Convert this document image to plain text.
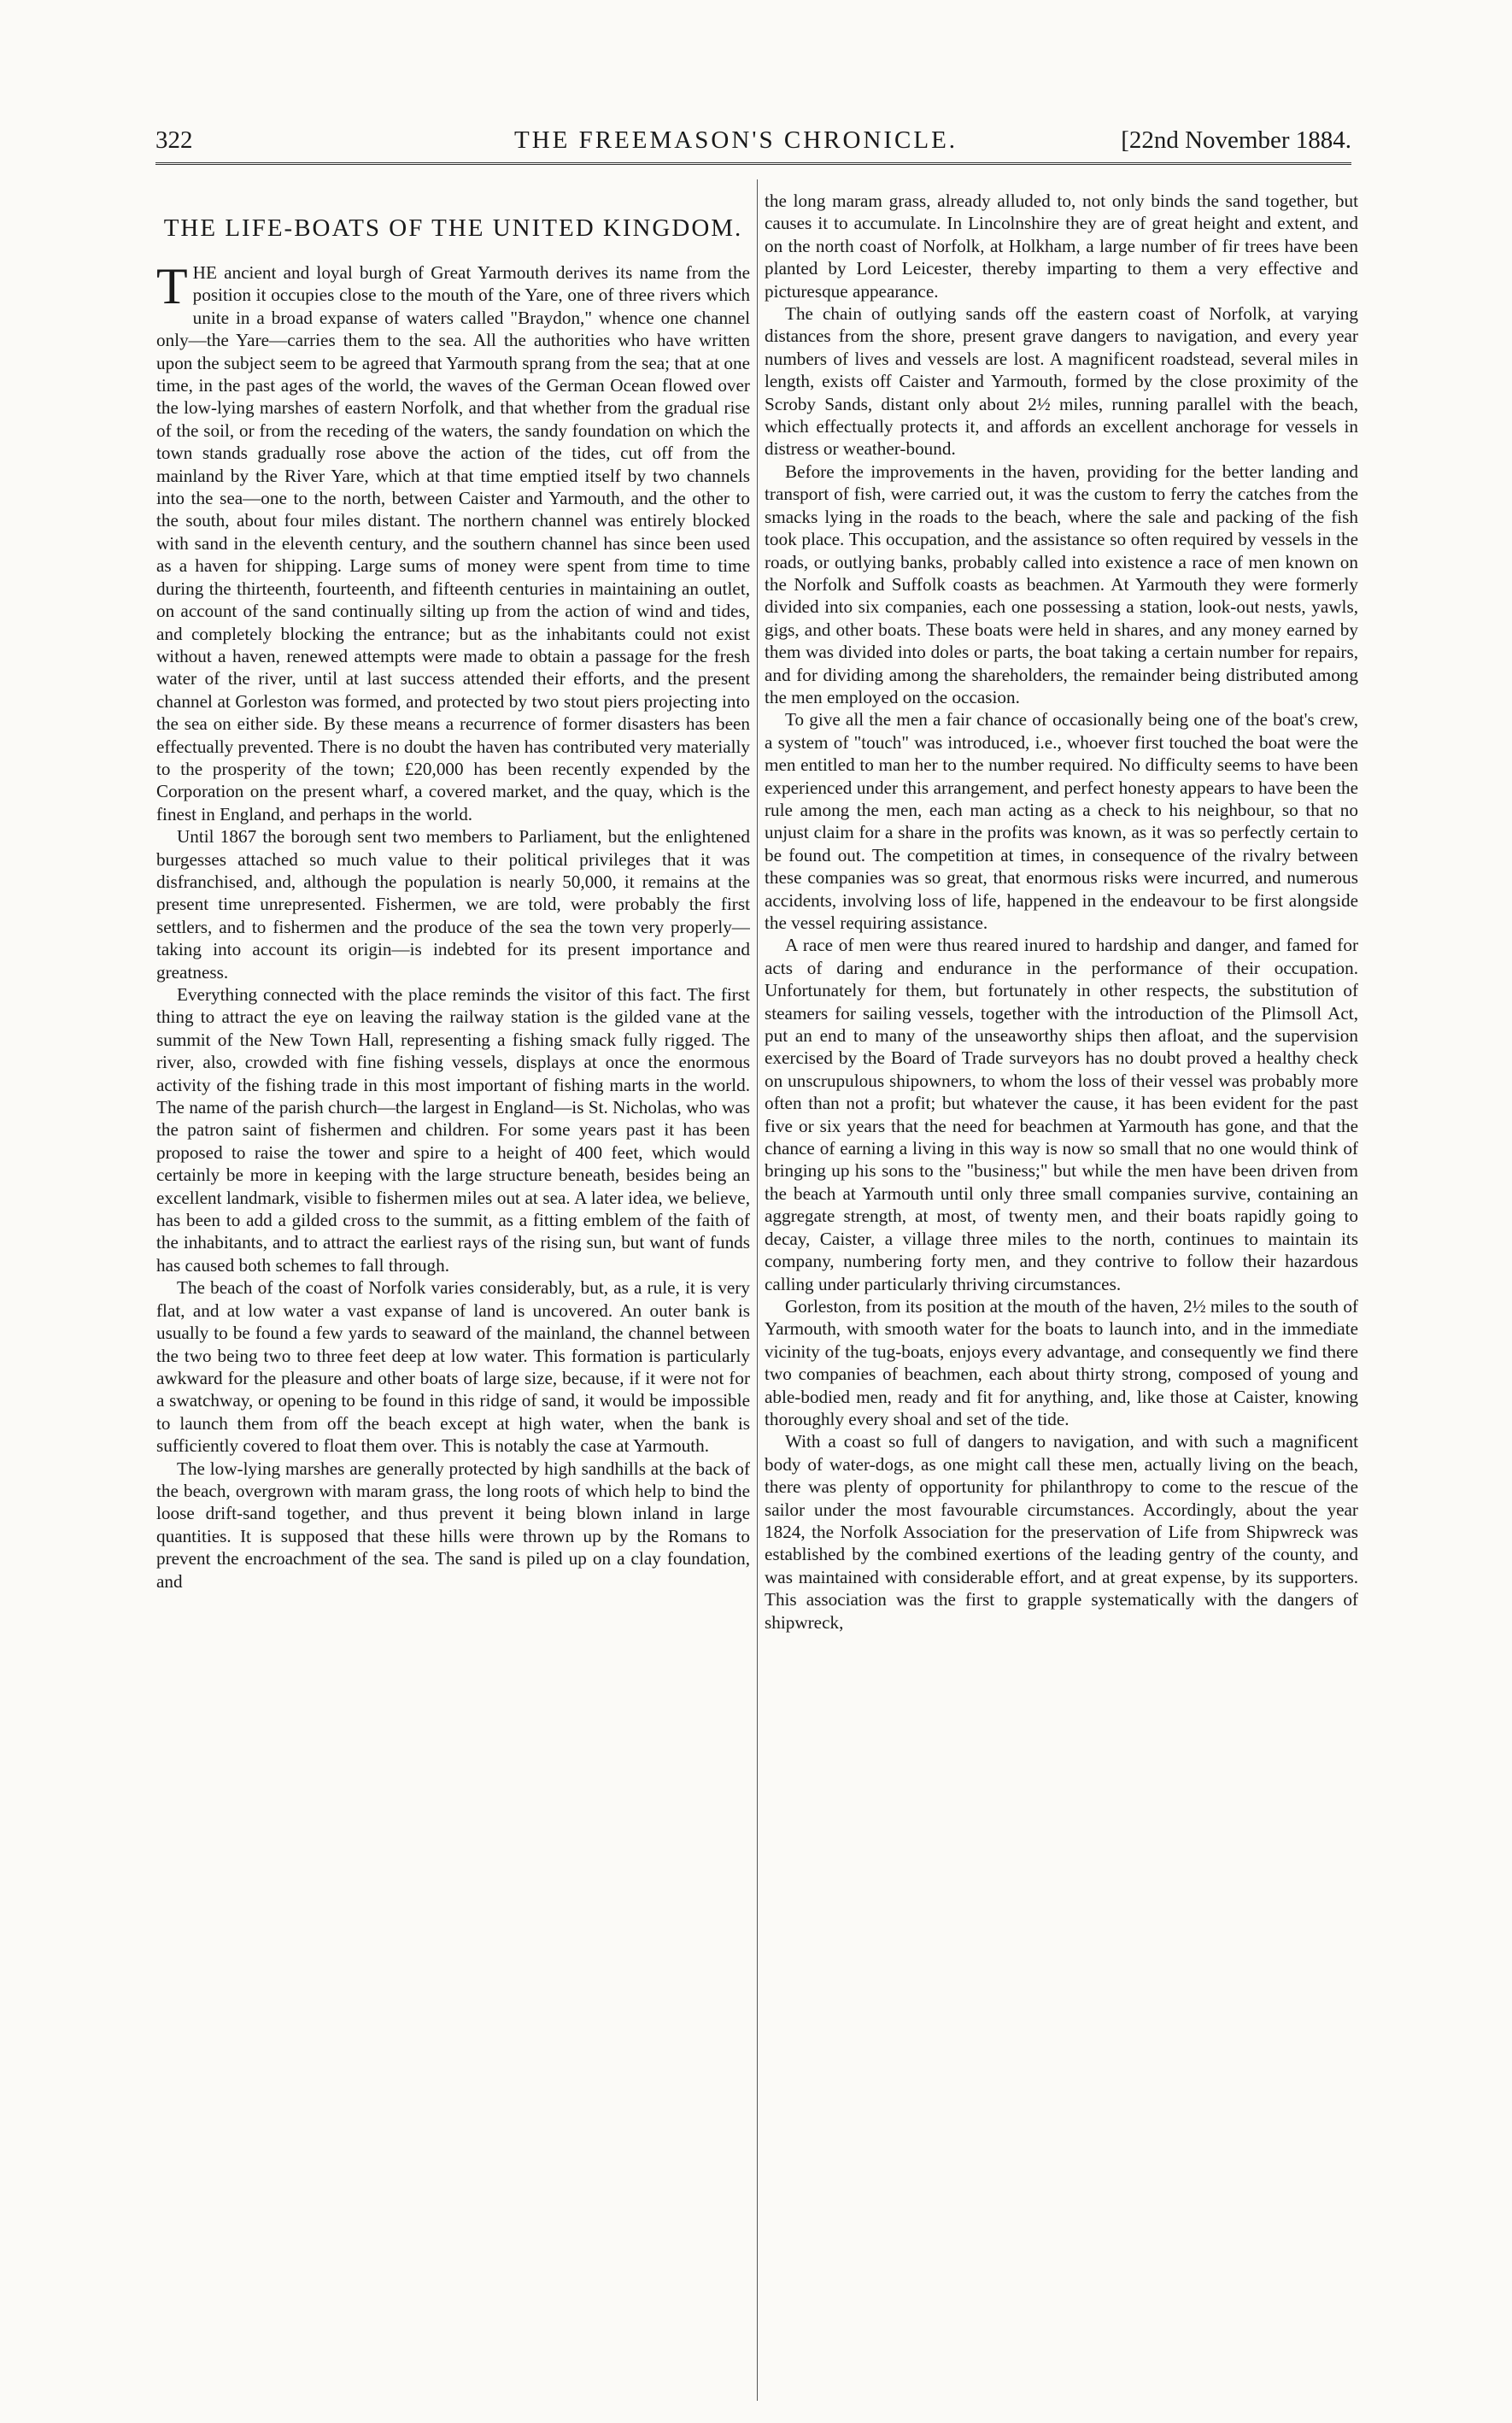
322	THE FREEMASON'S CHRONICLE.	[22nd November 1884.
THE LIFE-BOATS OF THE UNITED KINGDOM.

THE ancient and loyal burgh of Great Yarmouth derives its name from the position it occupies close to the mouth of the Yare, one of three rivers which unite in a broad expanse of waters called "Braydon," whence one channel only—the Yare—carries them to the sea. All the authorities who have written upon the subject seem to be agreed that Yarmouth sprang from the sea; that at one time, in the past ages of the world, the waves of the German Ocean flowed over the low-lying marshes of eastern Norfolk, and that whether from the gradual rise of the soil, or from the receding of the waters, the sandy foundation on which the town stands gradually rose above the action of the tides, cut off from the mainland by the River Yare, which at that time emptied itself by two channels into the sea—one to the north, between Caister and Yarmouth, and the other to the south, about four miles distant. The northern channel was entirely blocked with sand in the eleventh century, and the southern channel has since been used as a haven for shipping. Large sums of money were spent from time to time during the thirteenth, fourteenth, and fifteenth centuries in maintaining an outlet, on account of the sand continually silting up from the action of wind and tides, and completely blocking the entrance; but as the inhabitants could not exist without a haven, renewed attempts were made to obtain a passage for the fresh water of the river, until at last success attended their efforts, and the present channel at Gorleston was formed, and protected by two stout piers projecting into the sea on either side. By these means a recurrence of former disasters has been effectually prevented. There is no doubt the haven has contributed very materially to the prosperity of the town; £20,000 has been recently expended by the Corporation on the present wharf, a covered market, and the quay, which is the finest in England, and perhaps in the world.

Until 1867 the borough sent two members to Parliament, but the enlightened burgesses attached so much value to their political privileges that it was disfranchised, and, although the population is nearly 50,000, it remains at the present time unrepresented. Fishermen, we are told, were probably the first settlers, and to fishermen and the produce of the sea the town very properly—taking into account its origin—is indebted for its present importance and greatness.

Everything connected with the place reminds the visitor of this fact. The first thing to attract the eye on leaving the railway station is the gilded vane at the summit of the New Town Hall, representing a fishing smack fully rigged. The river, also, crowded with fine fishing vessels, displays at once the enormous activity of the fishing trade in this most important of fishing marts in the world. The name of the parish church—the largest in England—is St. Nicholas, who was the patron saint of fishermen and children. For some years past it has been proposed to raise the tower and spire to a height of 400 feet, which would certainly be more in keeping with the large structure beneath, besides being an excellent landmark, visible to fishermen miles out at sea. A later idea, we believe, has been to add a gilded cross to the summit, as a fitting emblem of the faith of the inhabitants, and to attract the earliest rays of the rising sun, but want of funds has caused both schemes to fall through.

The beach of the coast of Norfolk varies considerably, but, as a rule, it is very flat, and at low water a vast expanse of land is uncovered. An outer bank is usually to be found a few yards to seaward of the mainland, the channel between the two being two to three feet deep at low water. This formation is particularly awkward for the pleasure and other boats of large size, because, if it were not for a swatchway, or opening to be found in this ridge of sand, it would be impossible to launch them from off the beach except at high water, when the bank is sufficiently covered to float them over. This is notably the case at Yarmouth.

The low-lying marshes are generally protected by high sandhills at the back of the beach, overgrown with maram grass, the long roots of which help to bind the loose drift-sand together, and thus prevent it being blown inland in large quantities. It is supposed that these hills were thrown up by the Romans to prevent the encroachment of the sea. The sand is piled up on a clay foundation, and

the long maram grass, already alluded to, not only binds the sand together, but causes it to accumulate. In Lincolnshire they are of great height and extent, and on the north coast of Norfolk, at Holkham, a large number of fir trees have been planted by Lord Leicester, thereby imparting to them a very effective and picturesque appearance.

The chain of outlying sands off the eastern coast of Norfolk, at varying distances from the shore, present grave dangers to navigation, and every year numbers of lives and vessels are lost. A magnificent roadstead, several miles in length, exists off Caister and Yarmouth, formed by the close proximity of the Scroby Sands, distant only about 2½ miles, running parallel with the beach, which effectually protects it, and affords an excellent anchorage for vessels in distress or weather-bound.

Before the improvements in the haven, providing for the better landing and transport of fish, were carried out, it was the custom to ferry the catches from the smacks lying in the roads to the beach, where the sale and packing of the fish took place. This occupation, and the assistance so often required by vessels in the roads, or outlying banks, probably called into existence a race of men known on the Norfolk and Suffolk coasts as beachmen. At Yarmouth they were formerly divided into six companies, each one possessing a station, look-out nests, yawls, gigs, and other boats. These boats were held in shares, and any money earned by them was divided into doles or parts, the boat taking a certain number for repairs, and for dividing among the shareholders, the remainder being distributed among the men employed on the occasion.

To give all the men a fair chance of occasionally being one of the boat's crew, a system of "touch" was introduced, i.e., whoever first touched the boat were the men entitled to man her to the number required. No difficulty seems to have been experienced under this arrangement, and perfect honesty appears to have been the rule among the men, each man acting as a check to his neighbour, so that no unjust claim for a share in the profits was known, as it was so perfectly certain to be found out. The competition at times, in consequence of the rivalry between these companies was so great, that enormous risks were incurred, and numerous accidents, involving loss of life, happened in the endeavour to be first alongside the vessel requiring assistance.

A race of men were thus reared inured to hardship and danger, and famed for acts of daring and endurance in the performance of their occupation. Unfortunately for them, but fortunately in other respects, the substitution of steamers for sailing vessels, together with the introduction of the Plimsoll Act, put an end to many of the unseaworthy ships then afloat, and the supervision exercised by the Board of Trade surveyors has no doubt proved a healthy check on unscrupulous shipowners, to whom the loss of their vessel was probably more often than not a profit; but whatever the cause, it has been evident for the past five or six years that the need for beachmen at Yarmouth has gone, and that the chance of earning a living in this way is now so small that no one would think of bringing up his sons to the "business;" but while the men have been driven from the beach at Yarmouth until only three small companies survive, containing an aggregate strength, at most, of twenty men, and their boats rapidly going to decay, Caister, a village three miles to the north, continues to maintain its company, numbering forty men, and they contrive to follow their hazardous calling under particularly thriving circumstances.

Gorleston, from its position at the mouth of the haven, 2½ miles to the south of Yarmouth, with smooth water for the boats to launch into, and in the immediate vicinity of the tug-boats, enjoys every advantage, and consequently we find there two companies of beachmen, each about thirty strong, composed of young and able-bodied men, ready and fit for anything, and, like those at Caister, knowing thoroughly every shoal and set of the tide.

With a coast so full of dangers to navigation, and with such a magnificent body of water-dogs, as one might call these men, actually living on the beach, there was plenty of opportunity for philanthropy to come to the rescue of the sailor under the most favourable circumstances. Accordingly, about the year 1824, the Norfolk Association for the preservation of Life from Shipwreck was established by the combined exertions of the leading gentry of the county, and was maintained with considerable effort, and at great expense, by its supporters. This association was the first to grapple systematically with the dangers of shipwreck,
